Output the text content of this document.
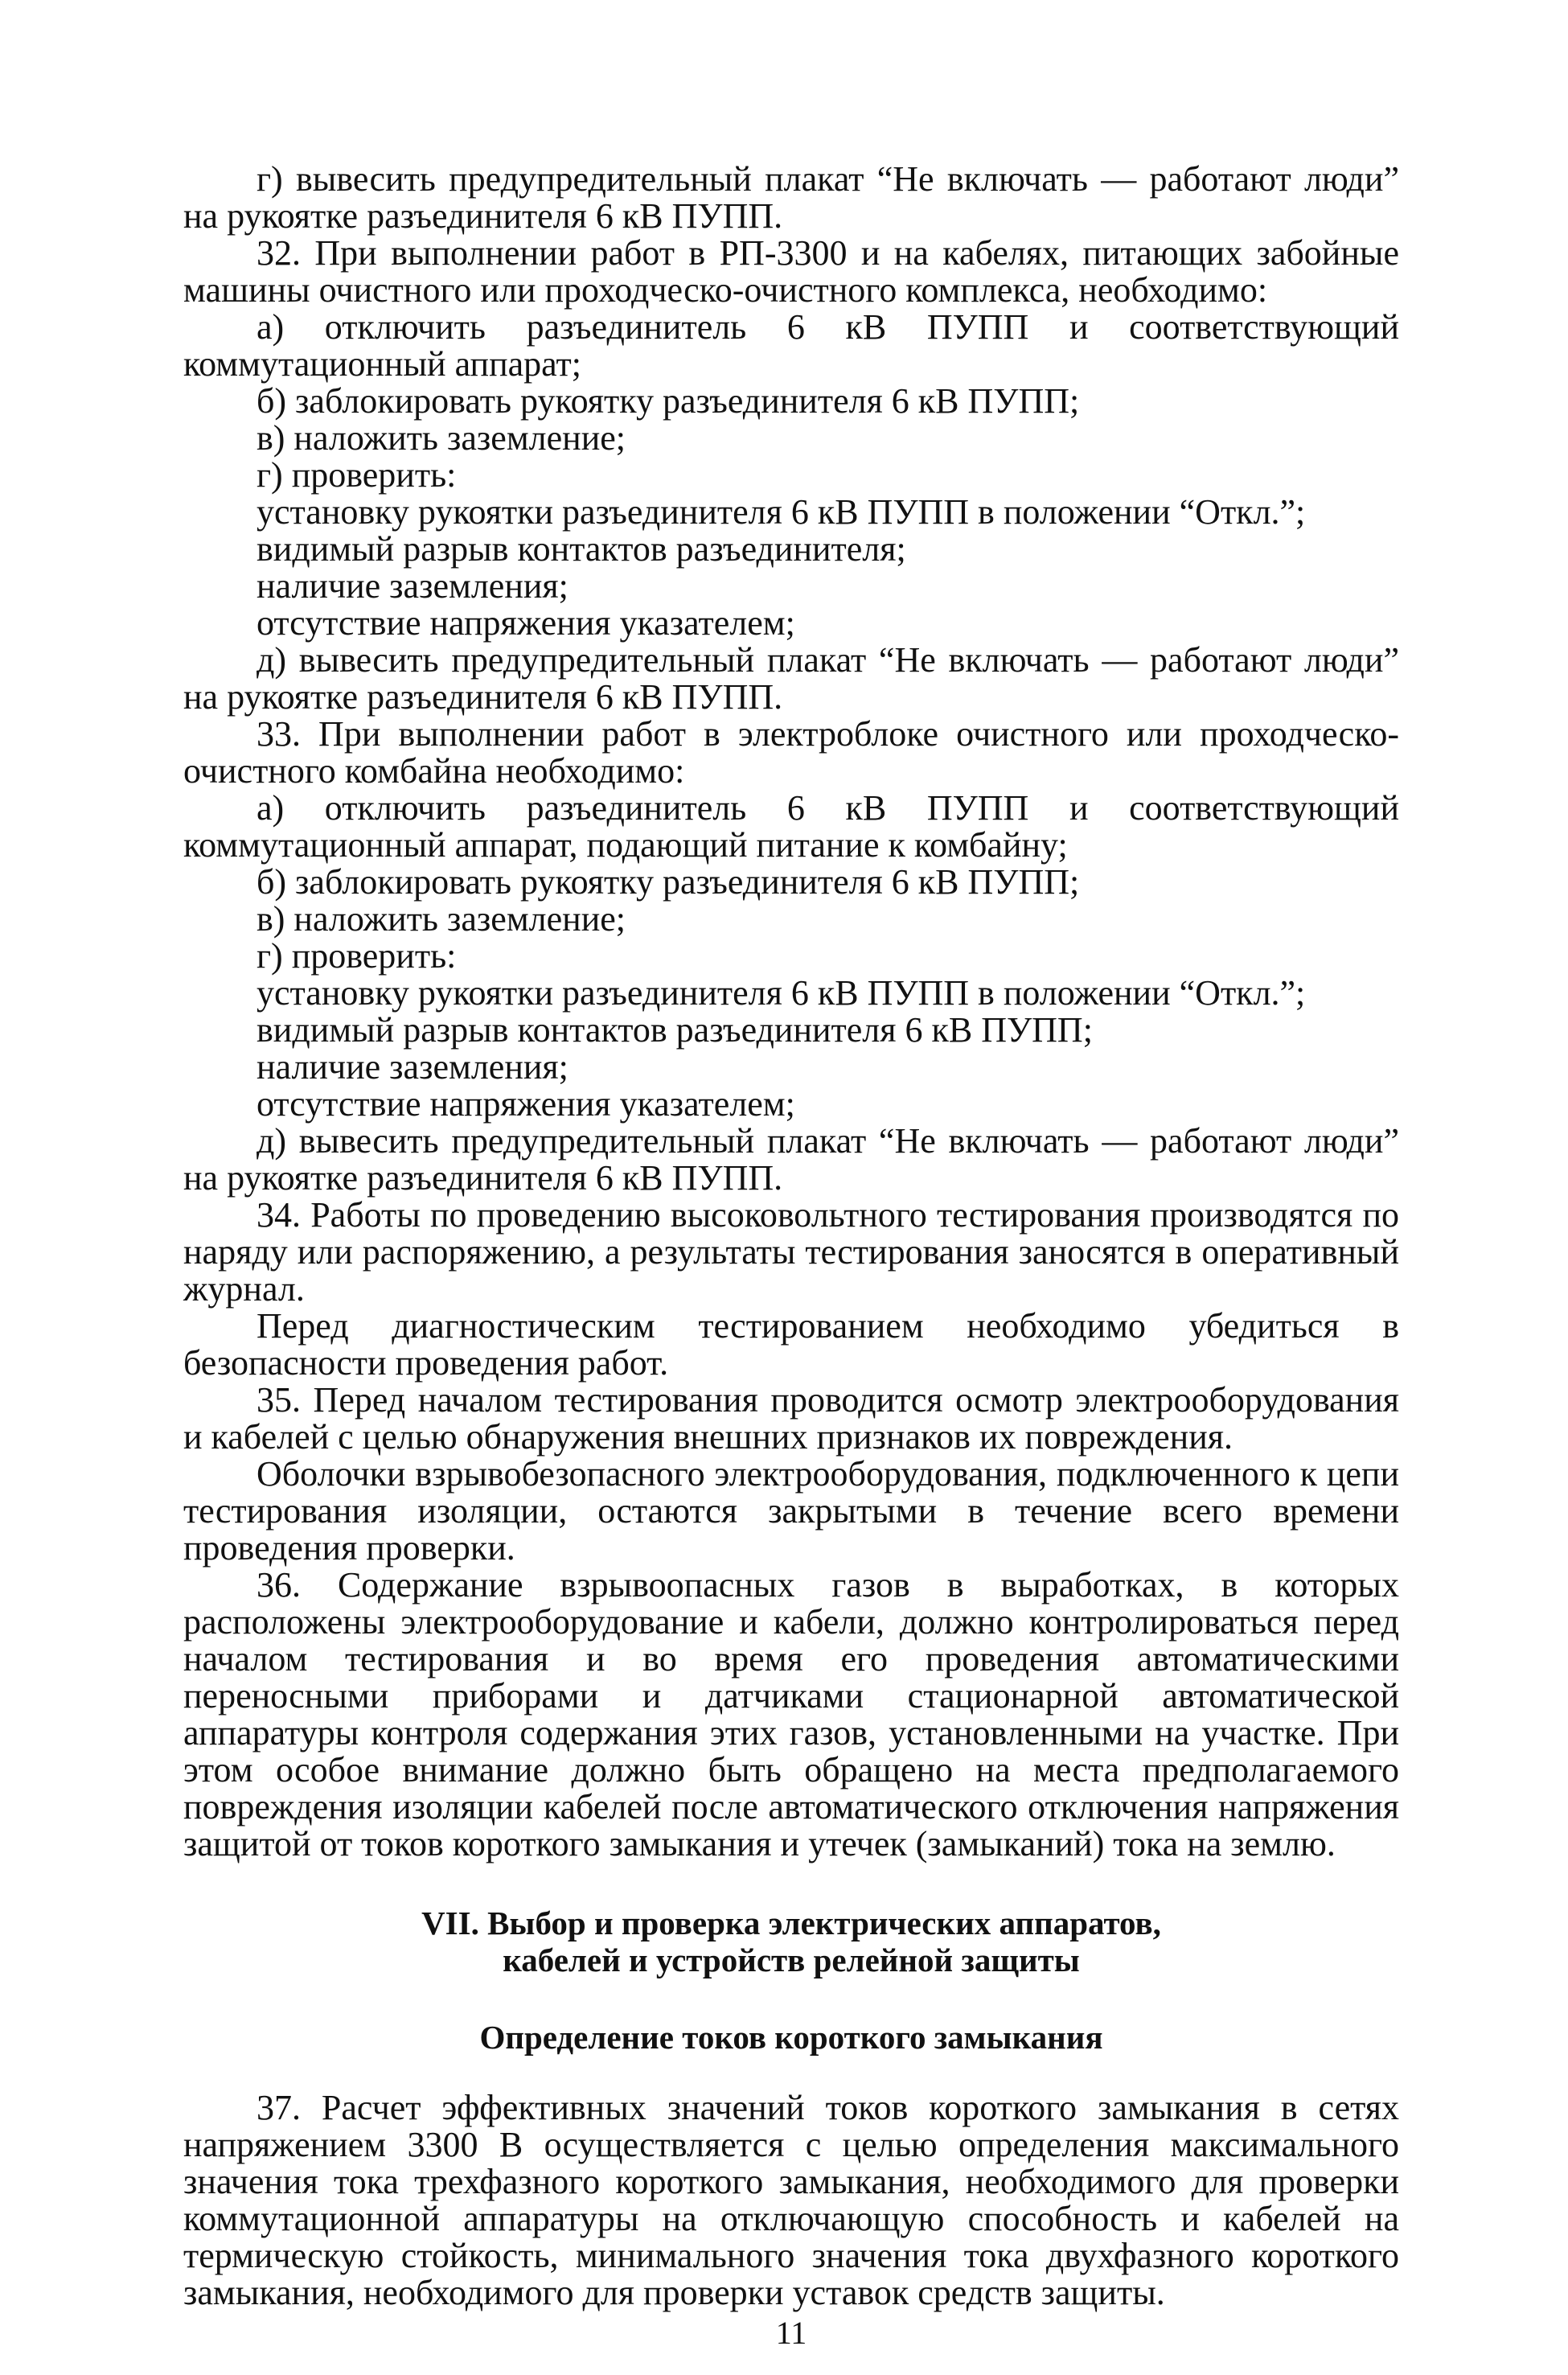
г) вывесить предупредительный плакат “Не включать — работают люди” на рукоятке разъединителя 6 кВ ПУПП.

32. При выполнении работ в РП-3300 и на кабелях, питающих забойные машины очистного или проходческо-очистного комплекса, необходимо:

а) отключить разъединитель 6 кВ ПУПП и соответствующий коммутационный аппарат;

б) заблокировать рукоятку разъединителя 6 кВ ПУПП;

в) наложить заземление;

г) проверить:

установку рукоятки разъединителя 6 кВ ПУПП в положении “Откл.”;

видимый разрыв контактов разъединителя;

наличие заземления;

отсутствие напряжения указателем;

д) вывесить предупредительный плакат “Не включать — работают люди” на рукоятке разъединителя 6 кВ ПУПП.

33. При выполнении работ в электроблоке очистного или проходческо-очистного комбайна необходимо:

а) отключить разъединитель 6 кВ ПУПП и соответствующий коммутационный аппарат, подающий питание к комбайну;

б) заблокировать рукоятку разъединителя 6 кВ ПУПП;

в) наложить заземление;

г) проверить:

установку рукоятки разъединителя 6 кВ ПУПП в положении “Откл.”;

видимый разрыв контактов разъединителя 6 кВ ПУПП;

наличие заземления;

отсутствие напряжения указателем;

д) вывесить предупредительный плакат “Не включать — работают люди” на рукоятке разъединителя 6 кВ ПУПП.

34. Работы по проведению высоковольтного тестирования производятся по наряду или распоряжению, а результаты тестирования заносятся в оперативный журнал.

Перед диагностическим тестированием необходимо убедиться в безопасности проведения работ.

35. Перед началом тестирования проводится осмотр электрооборудования и кабелей с целью обнаружения внешних признаков их повреждения.

Оболочки взрывобезопасного электрооборудования, подключенного к цепи тестирования изоляции, остаются закрытыми в течение всего времени проведения проверки.

36. Содержание взрывоопасных газов в выработках, в которых расположены электрооборудование и кабели, должно контролироваться перед началом тестирования и во время его проведения автоматическими переносными приборами и датчиками стационарной автоматической аппаратуры контроля содержания этих газов, установленными на участке. При этом особое внимание должно быть обращено на места предполагаемого повреждения изоляции кабелей после автоматического отключения напряжения защитой от токов короткого замыкания и утечек (замыканий) тока на землю.

VII. Выбор и проверка электрических аппаратов,
кабелей и устройств релейной защиты

Определение токов короткого замыкания

37. Расчет эффективных значений токов короткого замыкания в сетях напряжением 3300 В осуществляется с целью определения максимального значения тока трехфазного короткого замыкания, необходимого для проверки коммутационной аппаратуры на отключающую способность и кабелей на термическую стойкость, минимального значения тока двухфазного короткого замыкания, необходимого для проверки уставок средств защиты.

11
